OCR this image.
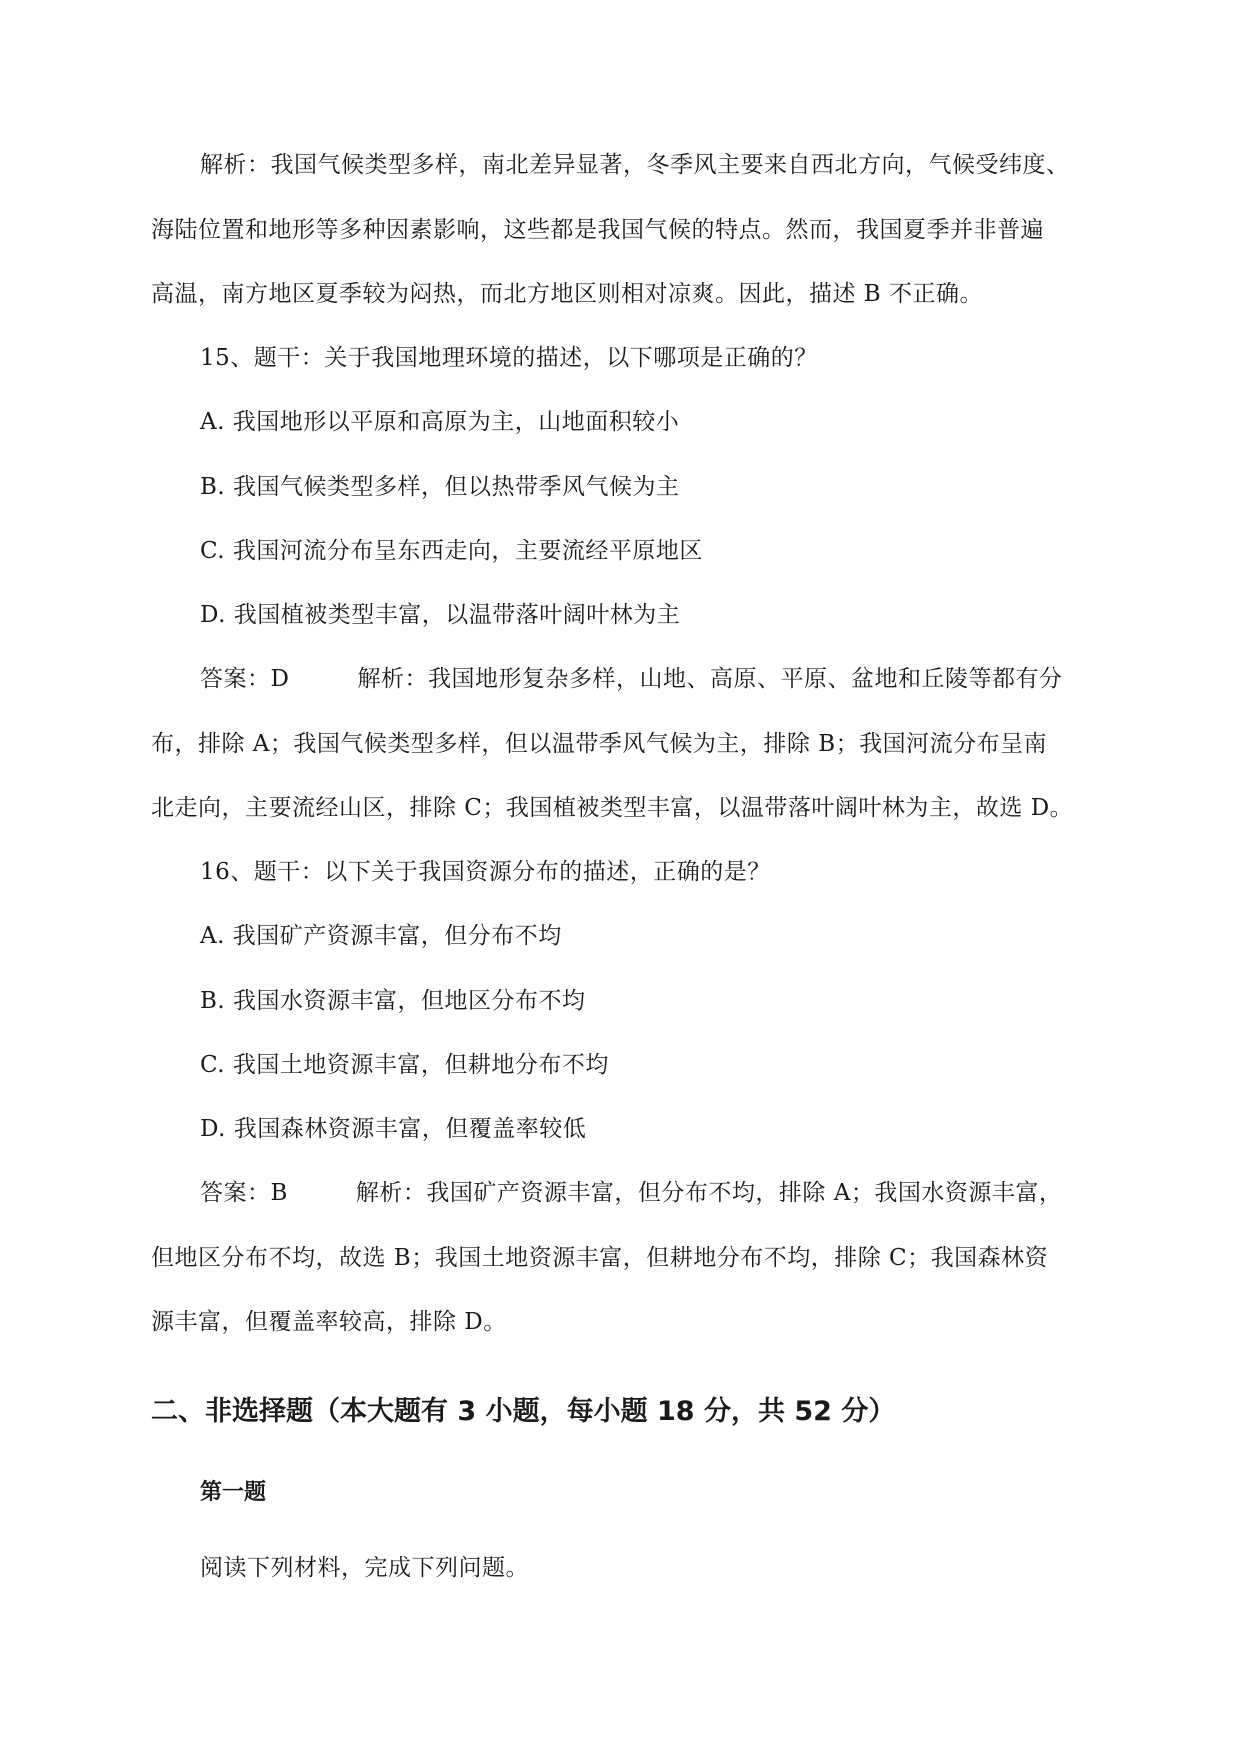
解析：我国气候类型多样，南北差异显著，冬季风主要来自西北方向，气候受纬度、
海陆位置和地形等多种因素影响，这些都是我国气候的特点。然而，我国夏季并非普遍
高温，南方地区夏季较为闷热，而北方地区则相对凉爽。因此，描述 B 不正确。
15、题干：关于我国地理环境的描述，以下哪项是正确的？
A. 我国地形以平原和高原为主，山地面积较小
B. 我国气候类型多样，但以热带季风气候为主
C. 我国河流分布呈东西走向，主要流经平原地区
D. 我国植被类型丰富，以温带落叶阔叶林为主
答案：D	解析：我国地形复杂多样，山地、高原、平原、盆地和丘陵等都有分
布，排除 A；我国气候类型多样，但以温带季风气候为主，排除 B；我国河流分布呈南
北走向，主要流经山区，排除 C；我国植被类型丰富，以温带落叶阔叶林为主，故选 D。
16、题干：以下关于我国资源分布的描述，正确的是？
A. 我国矿产资源丰富，但分布不均
B. 我国水资源丰富，但地区分布不均
C. 我国土地资源丰富，但耕地分布不均
D. 我国森林资源丰富，但覆盖率较低
答案：B	解析：我国矿产资源丰富，但分布不均，排除 A；我国水资源丰富，
但地区分布不均，故选 B；我国土地资源丰富，但耕地分布不均，排除 C；我国森林资
源丰富，但覆盖率较高，排除 D。
二、非选择题（本大题有 3 小题，每小题 18 分，共 52 分）
第一题
阅读下列材料，完成下列问题。
